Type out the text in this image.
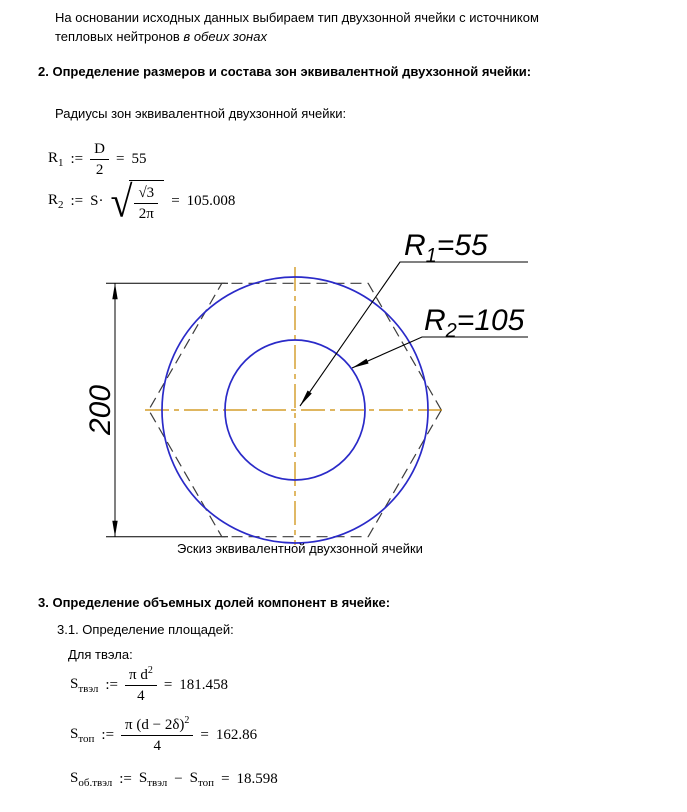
На основании исходных данных выбираем тип двухзонной ячейки с источником
тепловых нейтронов в обеих зонах
2. Определение размеров и состава зон эквивалентной двухзонной ячейки:
Радиусы зон эквивалентной двухзонной ячейки:
$R_1$ := $\frac{D}{2} = 55$
$R_2$ := S· √ $\frac{√3}{2\pi} = 105.008$
200
$R_1=55$
$R_2=105$
Эскиз эквивалентной двухзонной ячейки
3. Определение объемных долей компонент в ячейке:
3.1. Определение площадей:
Для твэла:
$S_{твэл}$ := $\frac{\pi d^2}{4} = 181.458$
$S_{топ}$ := $\frac{\pi (d - 2\delta)^2}{4} = 162.86$
$S_{об.твэл}$ := $S_{твэл} - S_{топ} = 18.598$
